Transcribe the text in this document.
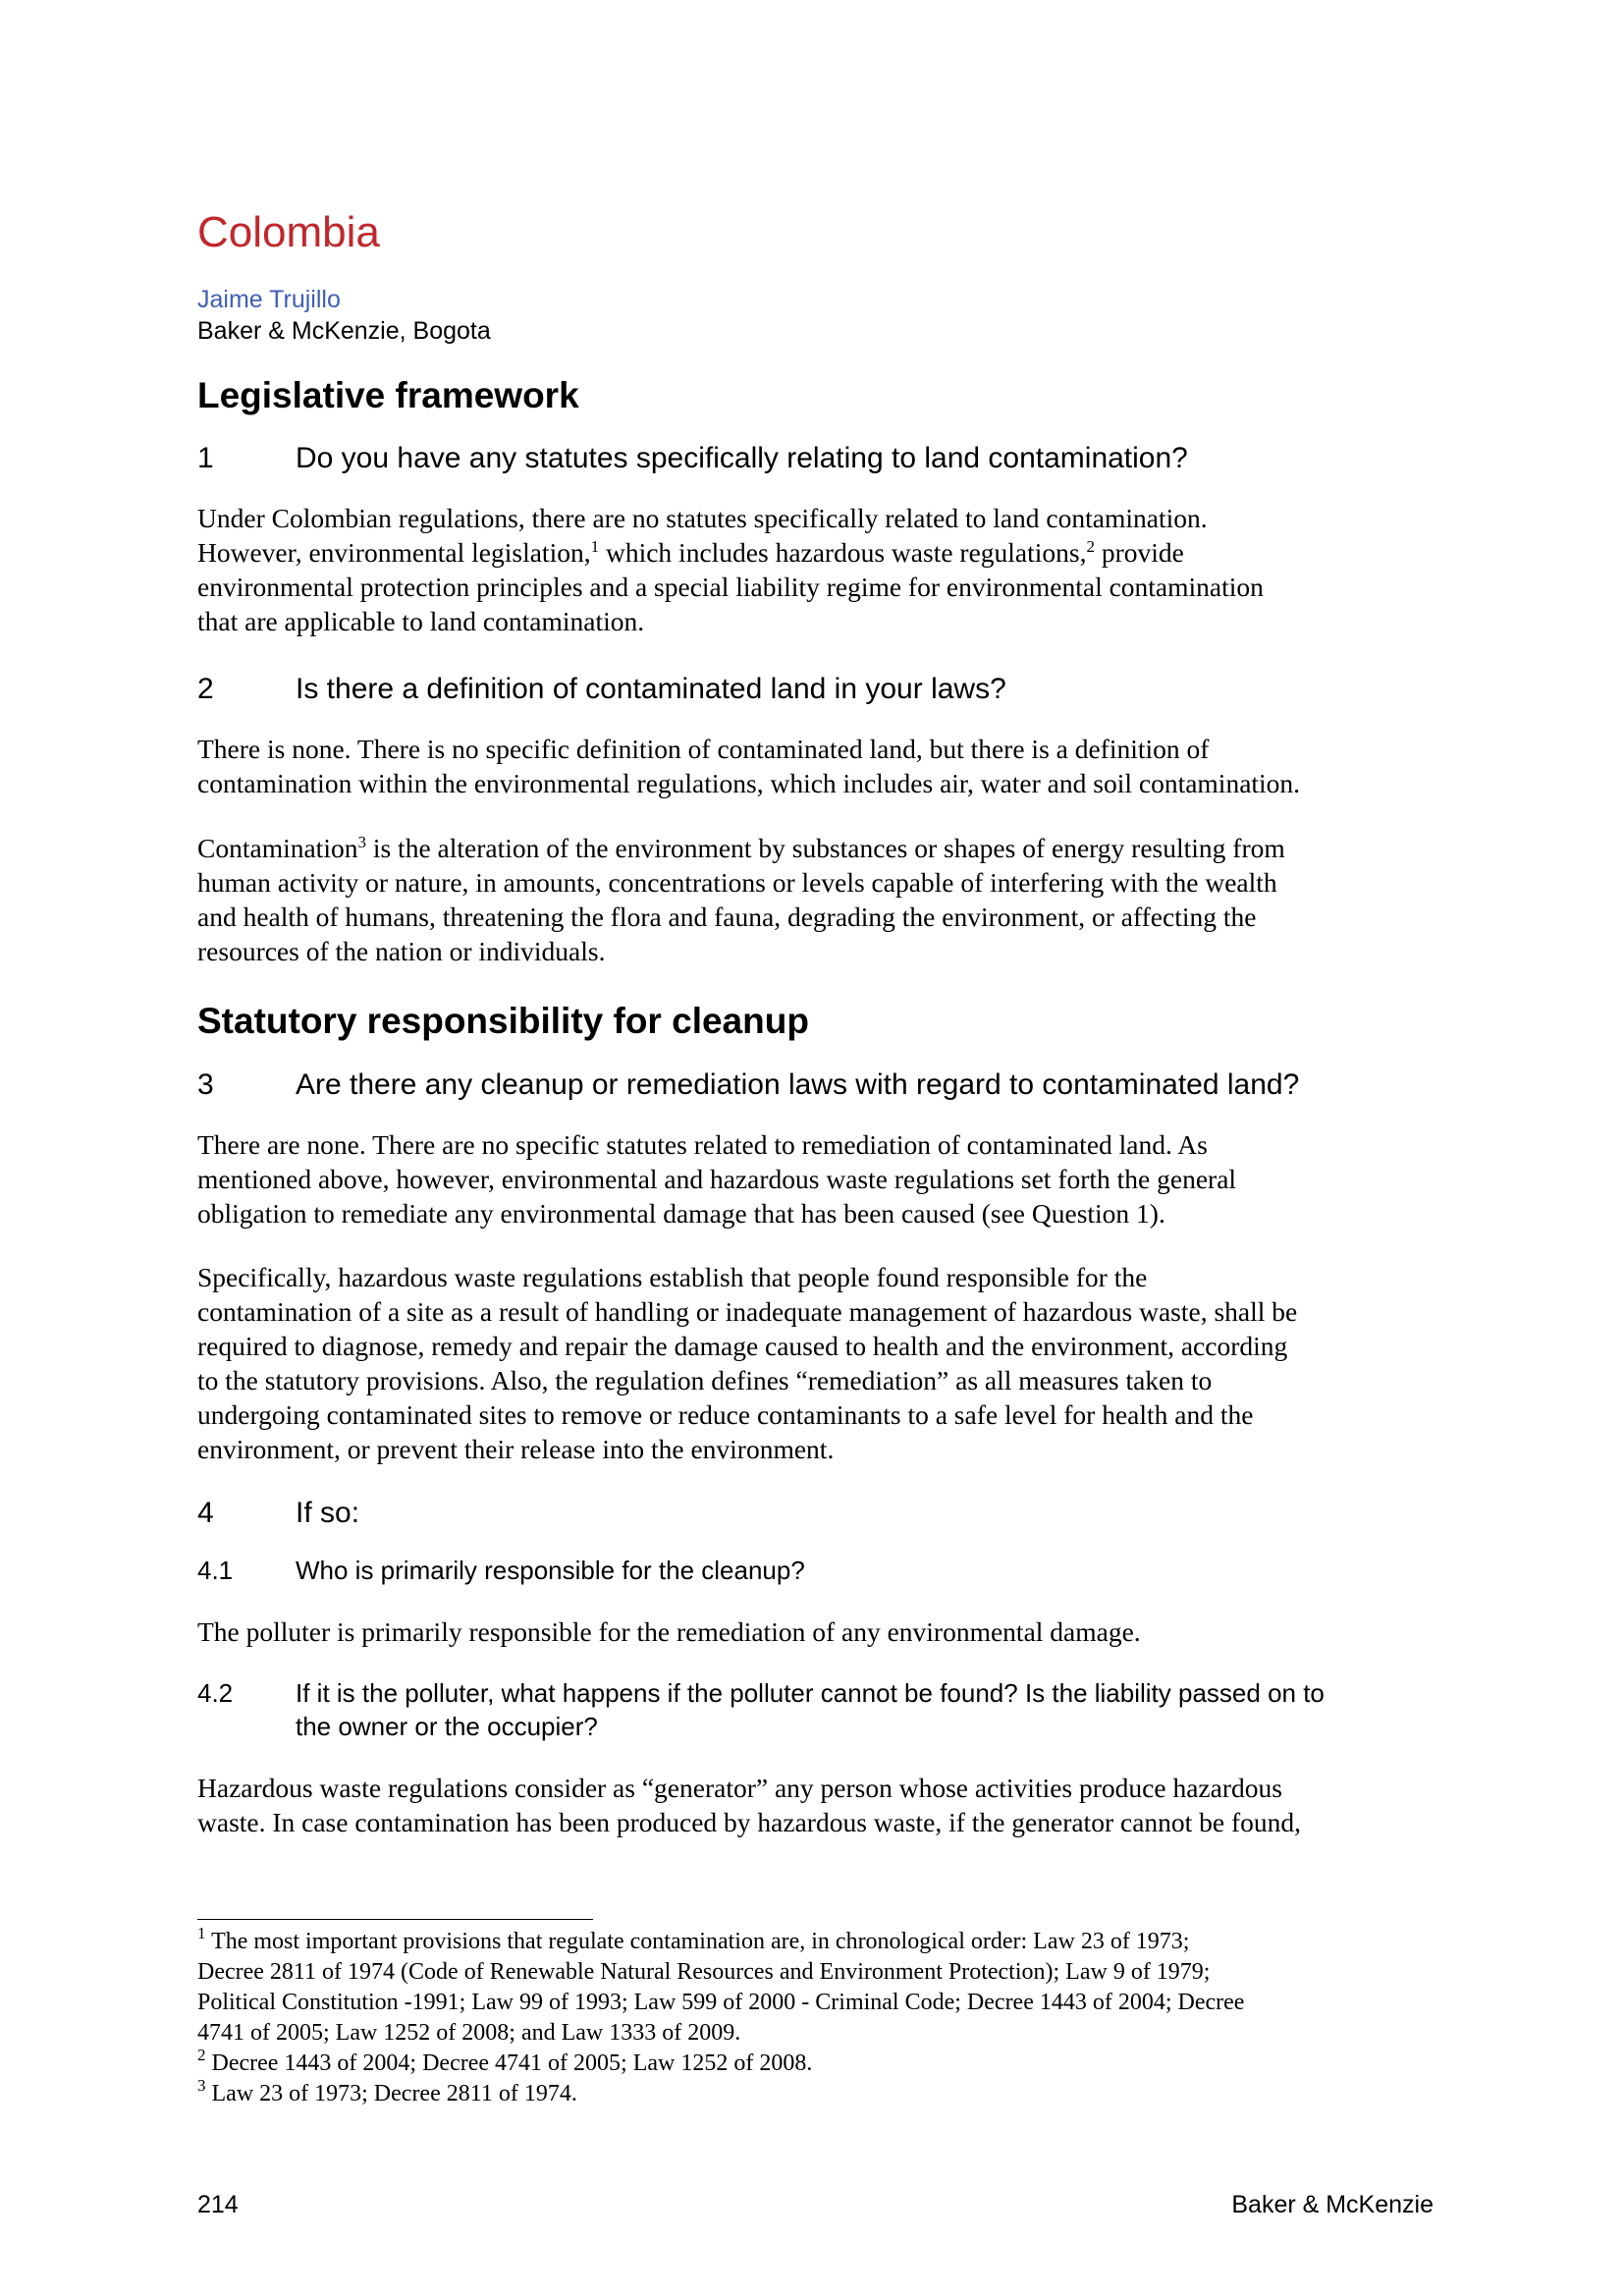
Colombia
Jaime Trujillo
Baker & McKenzie, Bogota
Legislative framework
1	Do you have any statutes specifically relating to land contamination?
Under Colombian regulations, there are no statutes specifically related to land contamination.
However, environmental legislation,$^1$ which includes hazardous waste regulations,$^2$ provide
environmental protection principles and a special liability regime for environmental contamination
that are applicable to land contamination.
2	Is there a definition of contaminated land in your laws?
There is none. There is no specific definition of contaminated land, but there is a definition of
contamination within the environmental regulations, which includes air, water and soil contamination.
Contamination$^3$ is the alteration of the environment by substances or shapes of energy resulting from
human activity or nature, in amounts, concentrations or levels capable of interfering with the wealth
and health of humans, threatening the flora and fauna, degrading the environment, or affecting the
resources of the nation or individuals.
Statutory responsibility for cleanup
3	Are there any cleanup or remediation laws with regard to contaminated land?
There are none. There are no specific statutes related to remediation of contaminated land. As
mentioned above, however, environmental and hazardous waste regulations set forth the general
obligation to remediate any environmental damage that has been caused (see Question 1).
Specifically, hazardous waste regulations establish that people found responsible for the
contamination of a site as a result of handling or inadequate management of hazardous waste, shall be
required to diagnose, remedy and repair the damage caused to health and the environment, according
to the statutory provisions. Also, the regulation defines “remediation” as all measures taken to
undergoing contaminated sites to remove or reduce contaminants to a safe level for health and the
environment, or prevent their release into the environment.
4	If so:
4.1	Who is primarily responsible for the cleanup?
The polluter is primarily responsible for the remediation of any environmental damage.
4.2	If it is the polluter, what happens if the polluter cannot be found? Is the liability passed on to
the owner or the occupier?
Hazardous waste regulations consider as “generator” any person whose activities produce hazardous
waste. In case contamination has been produced by hazardous waste, if the generator cannot be found,
$^1$ The most important provisions that regulate contamination are, in chronological order: Law 23 of 1973;
Decree 2811 of 1974 (Code of Renewable Natural Resources and Environment Protection); Law 9 of 1979;
Political Constitution -1991; Law 99 of 1993; Law 599 of 2000 - Criminal Code; Decree 1443 of 2004; Decree
4741 of 2005; Law 1252 of 2008; and Law 1333 of 2009.
$^2$ Decree 1443 of 2004; Decree 4741 of 2005; Law 1252 of 2008.
$^3$ Law 23 of 1973; Decree 2811 of 1974.
214	Baker & McKenzie
